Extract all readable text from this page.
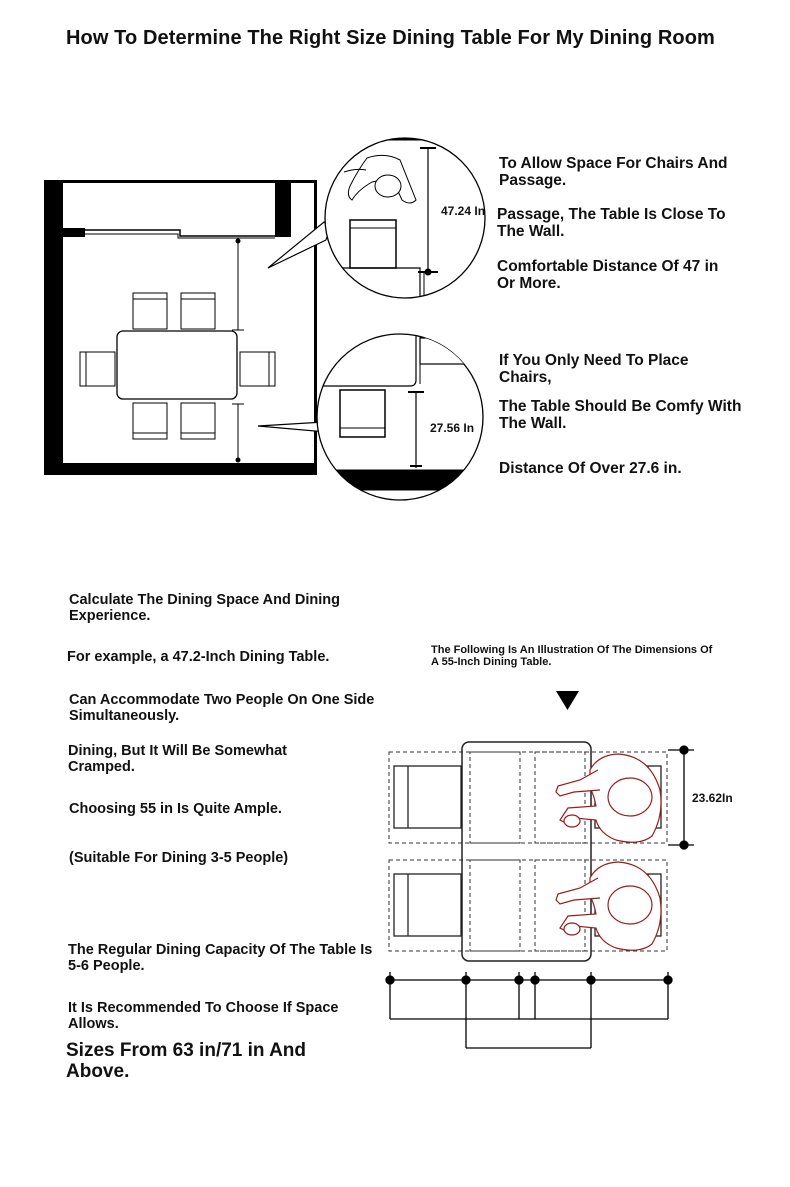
How To Determine The Right Size Dining Table For My Dining Room
47.24 In
27.56 In

To Allow Space For Chairs And Passage.

Passage, The Table Is Close To The Wall.

Comfortable Distance Of 47 in Or More.

If You Only Need To Place Chairs,

The Table Should Be Comfy With The Wall.

Distance Of Over 27.6 in.

Calculate The Dining Space And Dining Experience.

For example, a 47.2-Inch Dining Table.

Can Accommodate Two People On One Side Simultaneously.

Dining, But It Will Be Somewhat Cramped.

Choosing 55 in Is Quite Ample.

(Suitable For Dining 3-5 People)

The Regular Dining Capacity Of The Table Is 5-6 People.

It Is Recommended To Choose If Space Allows.

Sizes From 63 in/71 in And Above.

The Following Is An Illustration Of The Dimensions Of A 55-Inch Dining Table.

23.62In
